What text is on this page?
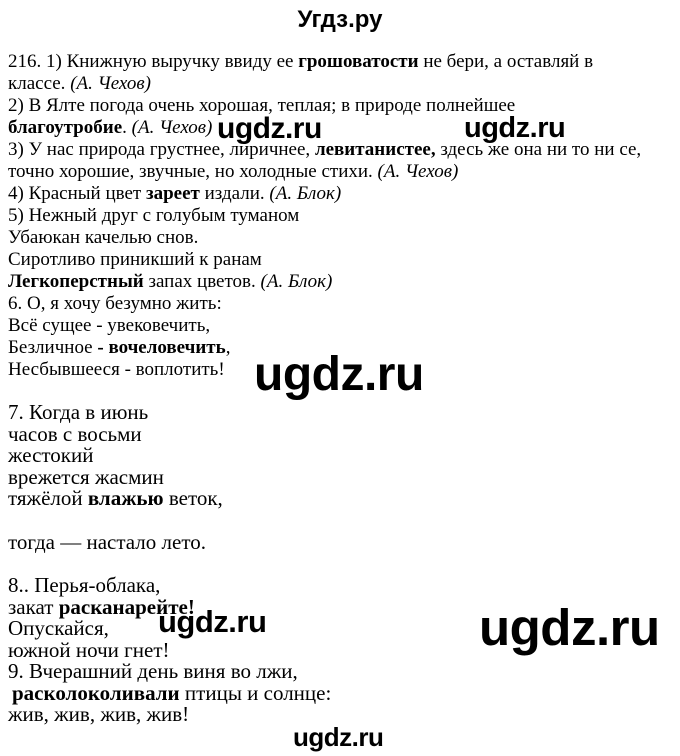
Угдз.ру

216. 1) Книжную выручку ввиду ее грошоватости не бери, а оставляй в

классе. (А. Чехов)

2) В Ялте погода очень хорошая, теплая; в природе полнейшее

благоутробие. (А. Чехов)

3) У нас природа грустнее, лиричнее, левитанистее, здесь же она ни то ни се,

точно хорошие, звучные, но холодные стихи. (А. Чехов)

4) Красный цвет зареет издали. (А. Блок)

5) Нежный друг с голубым туманом

Убаюкан качелью снов.

Сиротливо приникший к ранам

Легкоперстный запах цветов. (А. Блок)

6. О, я хочу безумно жить:

Всё сущее - увековечить,

Безличное - вочеловечить,

Несбывшееся - воплотить!

7. Когда в июнь

часов с восьми

жестокий

врежется жасмин

тяжёлой влажью веток,

тогда — настало лето.

8.. Перья-облака,

закат расканарейте!

Опускайся,

южной ночи гнет!

9. Вчерашний день виня во лжи,

расколоколивали птицы и солнце:

жив, жив, жив, жив!

ugdz.ru	ugdz.ru
ugdz.ru
ugdz.ru	ugdz.ru
ugdz.ru
